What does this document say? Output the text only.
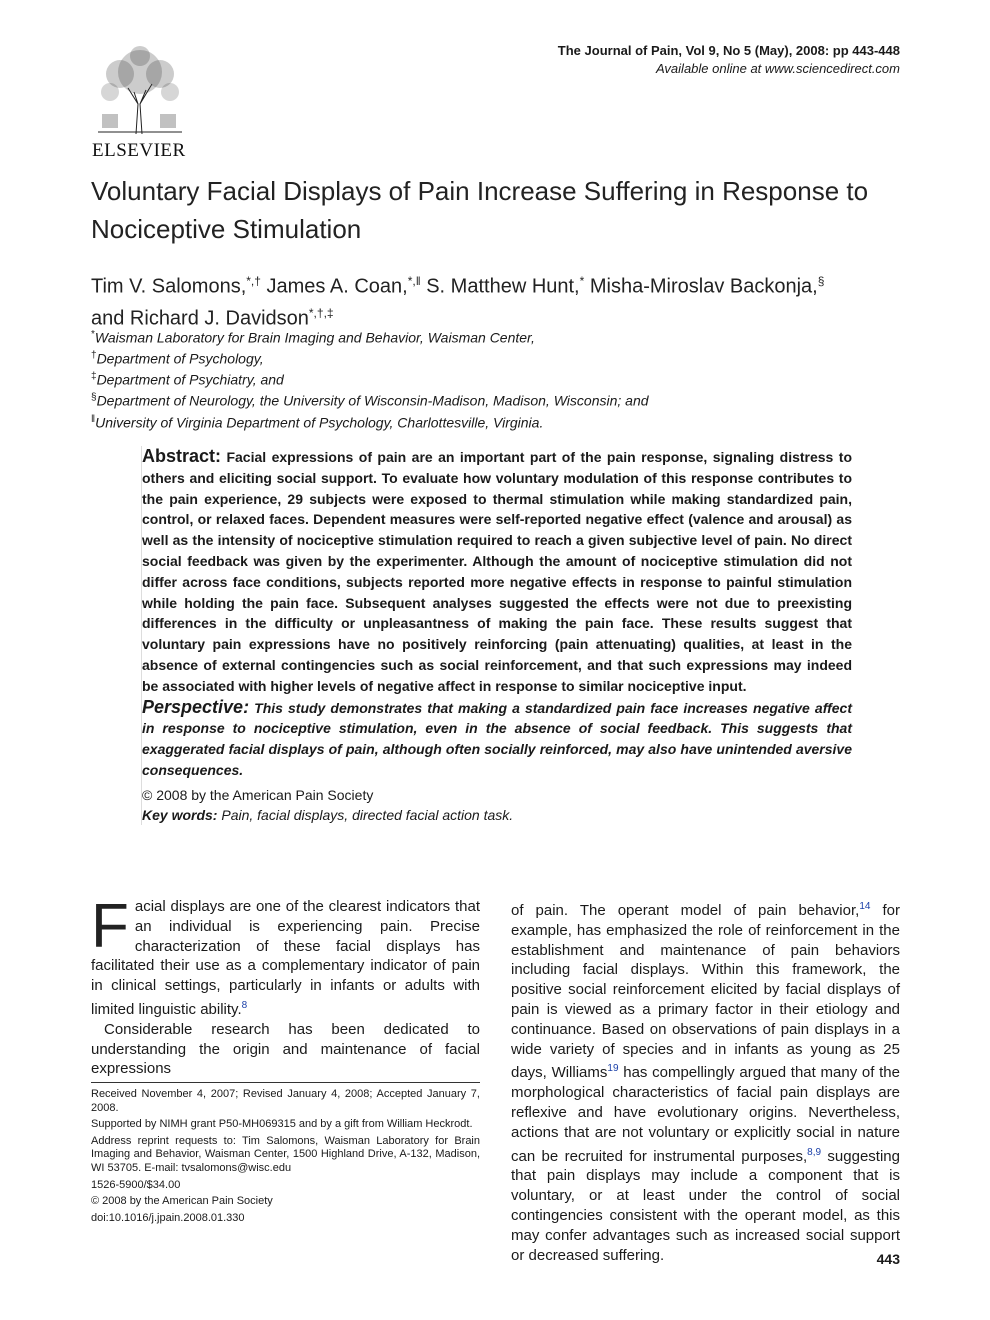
ELSEVIER
The Journal of Pain, Vol 9, No 5 (May), 2008: pp 443-448
Available online at www.sciencedirect.com
Voluntary Facial Displays of Pain Increase Suffering in Response to Nociceptive Stimulation
Tim V. Salomons,*,† James A. Coan,*,‖ S. Matthew Hunt,* Misha-Miroslav Backonja,§
and Richard J. Davidson*,†,‡
*Waisman Laboratory for Brain Imaging and Behavior, Waisman Center,
†Department of Psychology,
‡Department of Psychiatry, and
§Department of Neurology, the University of Wisconsin-Madison, Madison, Wisconsin; and
‖University of Virginia Department of Psychology, Charlottesville, Virginia.
Abstract: Facial expressions of pain are an important part of the pain response, signaling distress to others and eliciting social support. To evaluate how voluntary modulation of this response contributes to the pain experience, 29 subjects were exposed to thermal stimulation while making standardized pain, control, or relaxed faces. Dependent measures were self-reported negative effect (valence and arousal) as well as the intensity of nociceptive stimulation required to reach a given subjective level of pain. No direct social feedback was given by the experimenter. Although the amount of nociceptive stimulation did not differ across face conditions, subjects reported more negative effects in response to painful stimulation while holding the pain face. Subsequent analyses suggested the effects were not due to preexisting differences in the difficulty or unpleasantness of making the pain face. These results suggest that voluntary pain expressions have no positively reinforcing (pain attenuating) qualities, at least in the absence of external contingencies such as social reinforcement, and that such expressions may indeed be associated with higher levels of negative affect in response to similar nociceptive input.
Perspective: This study demonstrates that making a standardized pain face increases negative affect in response to nociceptive stimulation, even in the absence of social feedback. This suggests that exaggerated facial displays of pain, although often socially reinforced, may also have unintended aversive consequences.
© 2008 by the American Pain Society
Key words: Pain, facial displays, directed facial action task.

Facial displays are one of the clearest indicators that an individual is experiencing pain. Precise characterization of these facial displays has facilitated their use as a complementary indicator of pain in clinical settings, particularly in infants or adults with limited linguistic ability.$^8$

Considerable research has been dedicated to understanding the origin and maintenance of facial expressions

Received November 4, 2007; Revised January 4, 2008; Accepted January 7, 2008.
Supported by NIMH grant P50-MH069315 and by a gift from William Heckrodt.
Address reprint requests to: Tim Salomons, Waisman Laboratory for Brain Imaging and Behavior, Waisman Center, 1500 Highland Drive, A-132, Madison, WI 53705. E-mail: tvsalomons@wisc.edu
1526-5900/$34.00
© 2008 by the American Pain Society
doi:10.1016/j.jpain.2008.01.330

of pain. The operant model of pain behavior,$^{14}$ for example, has emphasized the role of reinforcement in the establishment and maintenance of pain behaviors including facial displays. Within this framework, the positive social reinforcement elicited by facial displays of pain is viewed as a primary factor in their etiology and continuance. Based on observations of pain displays in a wide variety of species and in infants as young as 25 days, Williams$^{19}$ has compellingly argued that many of the morphological characteristics of facial pain displays are reflexive and have evolutionary origins. Nevertheless, actions that are not voluntary or explicitly social in nature can be recruited for instrumental purposes,$^{8,9}$ suggesting that pain displays may include a component that is voluntary, or at least under the control of social contingencies consistent with the operant model, as this may confer advantages such as increased social support or decreased suffering.	443
